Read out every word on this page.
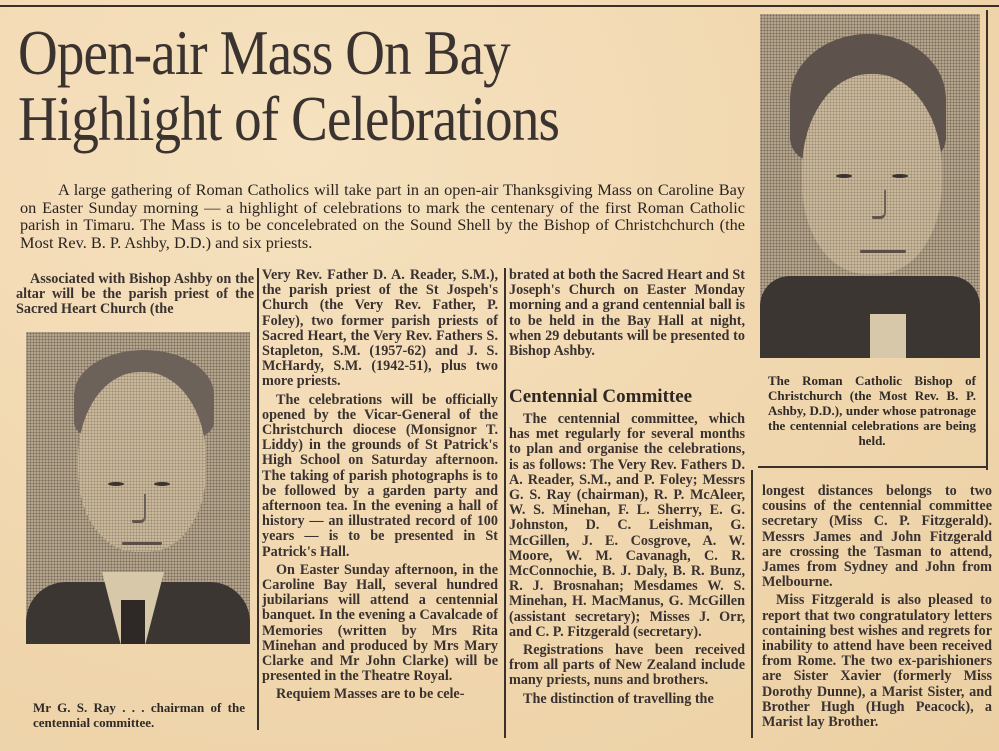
Open-air Mass On Bay
Highlight of Celebrations
A large gathering of Roman Catholics will take part in an open-air Thanksgiving Mass on Caroline Bay on Easter Sunday morning — a highlight of celebrations to mark the centenary of the first Roman Catholic parish in Timaru. The Mass is to be concelebrated on the Sound Shell by the Bishop of Christchchurch (the Most Rev. B. P. Ashby, D.D.) and six priests.

Associated with Bishop Ashby on the altar will be the parish priest of the Sacred Heart Church (the

Mr G. S. Ray . . . chairman of the centennial committee.

Very Rev. Father D. A. Reader, S.M.), the parish priest of the St Jospeh's Church (the Very Rev. Father, P. Foley), two former parish priests of Sacred Heart, the Very Rev. Fathers S. Stapleton, S.M. (1957-62) and J. S. McHardy, S.M. (1942-51), plus two more priests.

The celebrations will be officially opened by the Vicar-General of the Christchurch diocese (Monsignor T. Liddy) in the grounds of St Patrick's High School on Saturday afternoon. The taking of parish photographs is to be followed by a garden party and afternoon tea. In the evening a hall of history — an illustrated record of 100 years — is to be presented in St Patrick's Hall.

On Easter Sunday afternoon, in the Caroline Bay Hall, several hundred jubilarians will attend a centennial banquet. In the evening a Cavalcade of Memories (written by Mrs Rita Minehan and produced by Mrs Mary Clarke and Mr John Clarke) will be presented in the Theatre Royal.

Requiem Masses are to be cele-

brated at both the Sacred Heart and St Joseph's Church on Easter Monday morning and a grand centennial ball is to be held in the Bay Hall at night, when 29 debutants will be presented to Bishop Ashby.

Centennial Committee

The centennial committee, which has met regularly for several months to plan and organise the celebrations, is as follows: The Very Rev. Fathers D. A. Reader, S.M., and P. Foley; Messrs G. S. Ray (chairman), R. P. McAleer, W. S. Minehan, F. L. Sherry, E. G. Johnston, D. C. Leishman, G. McGillen, J. E. Cosgrove, A. W. Moore, W. M. Cavanagh, C. R. McConnochie, B. J. Daly, B. R. Bunz, R. J. Brosnahan; Mesdames W. S. Minehan, H. MacManus, G. McGillen (assistant secretary); Misses J. Orr, and C. P. Fitzgerald (secretary).

Registrations have been received from all parts of New Zealand include many priests, nuns and brothers.

The distinction of travelling the

The Roman Catholic Bishop of Christchurch (the Most Rev. B. P. Ashby, D.D.), under whose patronage the centennial celebrations are being held.

longest distances belongs to two cousins of the centennial committee secretary (Miss C. P. Fitzgerald). Messrs James and John Fitzgerald are crossing the Tasman to attend, James from Sydney and John from Melbourne.

Miss Fitzgerald is also pleased to report that two congratulatory letters containing best wishes and regrets for inability to attend have been received from Rome. The two ex-parishioners are Sister Xavier (formerly Miss Dorothy Dunne), a Marist Sister, and Brother Hugh (Hugh Peacock), a Marist lay Brother.
